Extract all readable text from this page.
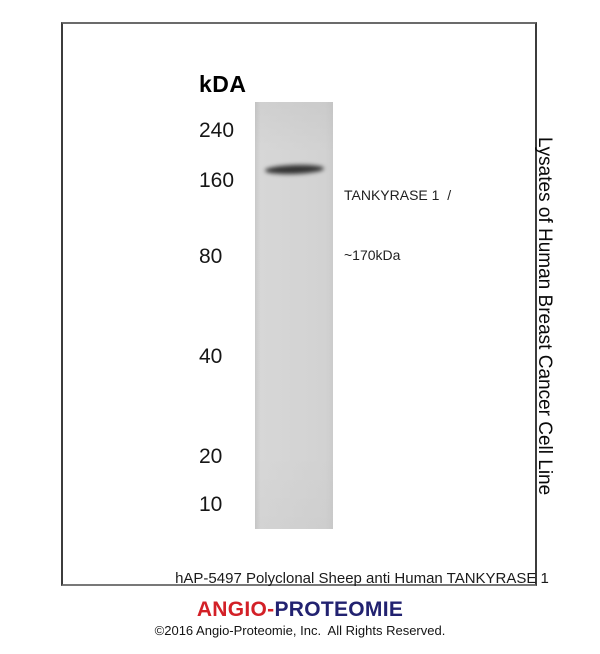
kDA
240
160
80
40
20
10

TANKYRASE 1  /

~170kDa

	Lysates of Human Breast Cancer Cell Line
hAP-5497 Polyclonal Sheep anti Human TANKYRASE 1
ANGIO-PROTEOMIE
©2016 Angio-Proteomie, Inc.  All Rights Reserved.
